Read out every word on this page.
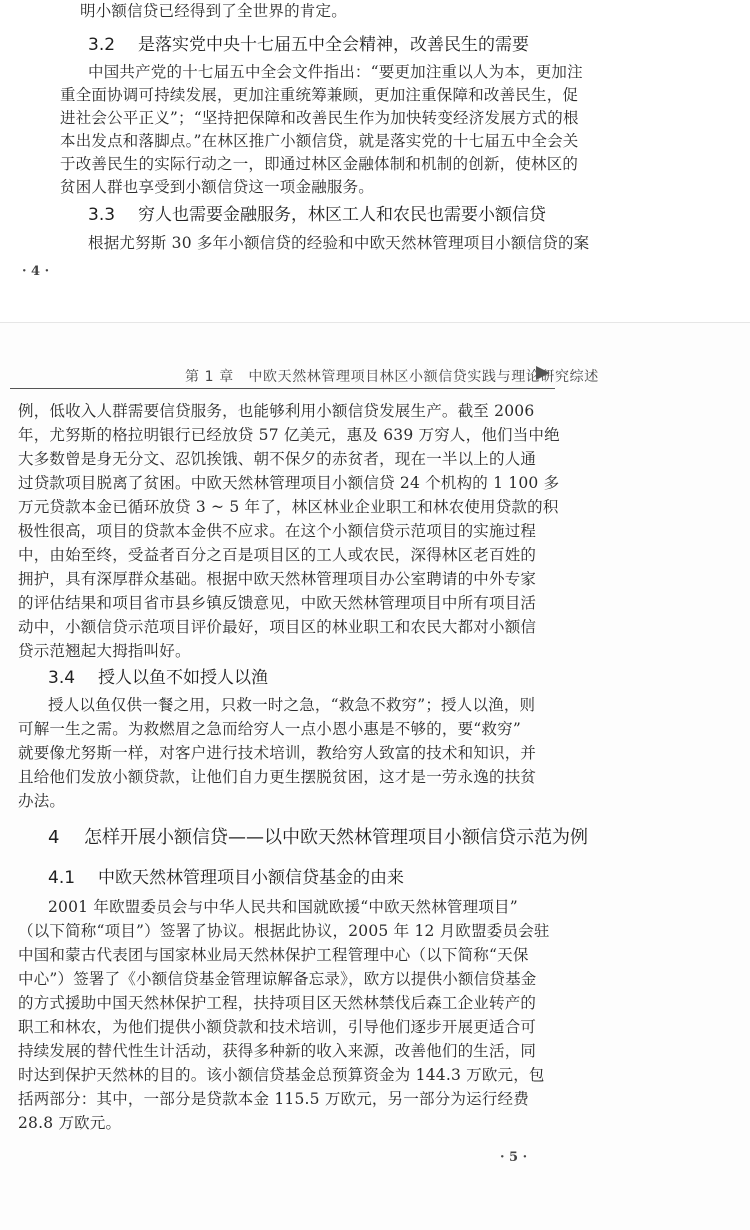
明小额信贷已经得到了全世界的肯定。
3.2 是落实党中央十七届五中全会精神，改善民生的需要
中国共产党的十七届五中全会文件指出：“要更加注重以人为本，更加注
重全面协调可持续发展，更加注重统筹兼顾，更加注重保障和改善民生，促
进社会公平正义”；“坚持把保障和改善民生作为加快转变经济发展方式的根
本出发点和落脚点。”在林区推广小额信贷，就是落实党的十七届五中全会关
于改善民生的实际行动之一，即通过林区金融体制和机制的创新，使林区的
贫困人群也享受到小额信贷这一项金融服务。
3.3 穷人也需要金融服务，林区工人和农民也需要小额信贷
根据尤努斯 30 多年小额信贷的经验和中欧天然林管理项目小额信贷的案
· 4 ·
第 1 章　中欧天然林管理项目林区小额信贷实践与理论研究综述
例，低收入人群需要信贷服务，也能够利用小额信贷发展生产。截至 2006
年，尤努斯的格拉明银行已经放贷 57 亿美元，惠及 639 万穷人，他们当中绝
大多数曾是身无分文、忍饥挨饿、朝不保夕的赤贫者，现在一半以上的人通
过贷款项目脱离了贫困。中欧天然林管理项目小额信贷 24 个机构的 1 100 多
万元贷款本金已循环放贷 3 ~ 5 年了，林区林业企业职工和林农使用贷款的积
极性很高，项目的贷款本金供不应求。在这个小额信贷示范项目的实施过程
中，由始至终，受益者百分之百是项目区的工人或农民，深得林区老百姓的
拥护，具有深厚群众基础。根据中欧天然林管理项目办公室聘请的中外专家
的评估结果和项目省市县乡镇反馈意见，中欧天然林管理项目中所有项目活
动中，小额信贷示范项目评价最好，项目区的林业职工和农民大都对小额信
贷示范翘起大拇指叫好。
3.4 授人以鱼不如授人以渔
授人以鱼仅供一餐之用，只救一时之急，“救急不救穷”；授人以渔，则
可解一生之需。为救燃眉之急而给穷人一点小恩小惠是不够的，要“救穷”
就要像尤努斯一样，对客户进行技术培训，教给穷人致富的技术和知识，并
且给他们发放小额贷款，让他们自力更生摆脱贫困，这才是一劳永逸的扶贫
办法。
4 怎样开展小额信贷——以中欧天然林管理项目小额信贷示范为例
4.1 中欧天然林管理项目小额信贷基金的由来
2001 年欧盟委员会与中华人民共和国就欧援“中欧天然林管理项目”
（以下简称“项目”）签署了协议。根据此协议，2005 年 12 月欧盟委员会驻
中国和蒙古代表团与国家林业局天然林保护工程管理中心（以下简称“天保
中心”）签署了《小额信贷基金管理谅解备忘录》，欧方以提供小额信贷基金
的方式援助中国天然林保护工程，扶持项目区天然林禁伐后森工企业转产的
职工和林农，为他们提供小额贷款和技术培训，引导他们逐步开展更适合可
持续发展的替代性生计活动，获得多种新的收入来源，改善他们的生活，同
时达到保护天然林的目的。该小额信贷基金总预算资金为 144.3 万欧元，包
括两部分：其中，一部分是贷款本金 115.5 万欧元，另一部分为运行经费
28.8 万欧元。
· 5 ·
